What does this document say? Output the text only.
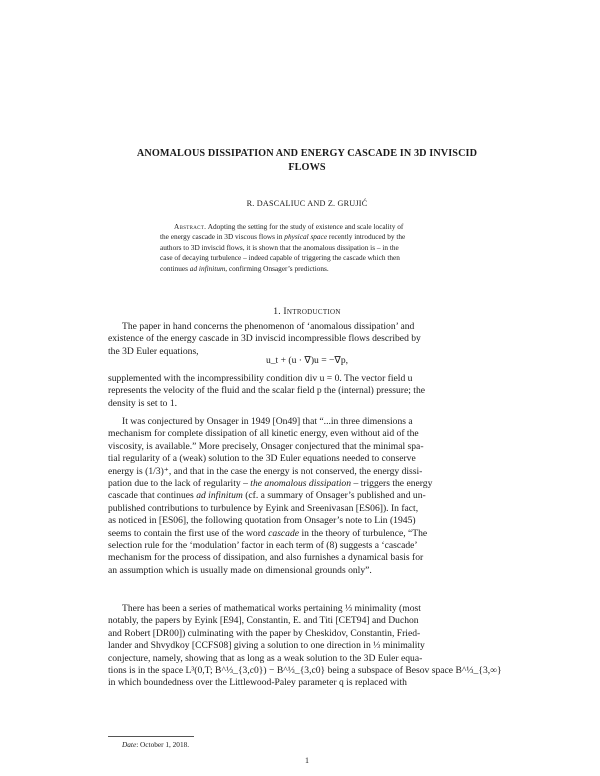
ANOMALOUS DISSIPATION AND ENERGY CASCADE IN 3D INVISCID
FLOWS
R. DASCALIUC AND Z. GRUJIĆ
Abstract. Adopting the setting for the study of existence and scale locality of
the energy cascade in 3D viscous flows in physical space recently introduced by the
authors to 3D inviscid flows, it is shown that the anomalous dissipation is – in the
case of decaying turbulence – indeed capable of triggering the cascade which then
continues ad infinitum, confirming Onsager’s predictions.
1. Introduction
The paper in hand concerns the phenomenon of ‘anomalous dissipation’ and
existence of the energy cascade in 3D inviscid incompressible flows described by
the 3D Euler equations,
u_t + (u · ∇)u = −∇p,
supplemented with the incompressibility condition div u = 0. The vector field u
represents the velocity of the fluid and the scalar field p the (internal) pressure; the
density is set to 1.
It was conjectured by Onsager in 1949 [On49] that “...in three dimensions a
mechanism for complete dissipation of all kinetic energy, even without aid of the
viscosity, is available.” More precisely, Onsager conjectured that the minimal spa-
tial regularity of a (weak) solution to the 3D Euler equations needed to conserve
energy is (1/3)⁺, and that in the case the energy is not conserved, the energy dissi-
pation due to the lack of regularity – the anomalous dissipation – triggers the energy
cascade that continues ad infinitum (cf. a summary of Onsager’s published and un-
published contributions to turbulence by Eyink and Sreenivasan [ES06]). In fact,
as noticed in [ES06], the following quotation from Onsager’s note to Lin (1945)
seems to contain the first use of the word cascade in the theory of turbulence, “The
selection rule for the ‘modulation’ factor in each term of (8) suggests a ‘cascade’
mechanism for the process of dissipation, and also furnishes a dynamical basis for
an assumption which is usually made on dimensional grounds only”.
There has been a series of mathematical works pertaining ⅓ minimality (most
notably, the papers by Eyink [E94], Constantin, E. and Titi [CET94] and Duchon
and Robert [DR00]) culminating with the paper by Cheskidov, Constantin, Fried-
lander and Shvydkoy [CCFS08] giving a solution to one direction in ⅓ minimality
conjecture, namely, showing that as long as a weak solution to the 3D Euler equa-
tions is in the space L³(0,T; B^⅓_{3,c0}) − B^⅓_{3,c0} being a subspace of Besov space B^⅓_{3,∞}
in which boundedness over the Littlewood-Paley parameter q is replaced with
Date: October 1, 2018.
1
